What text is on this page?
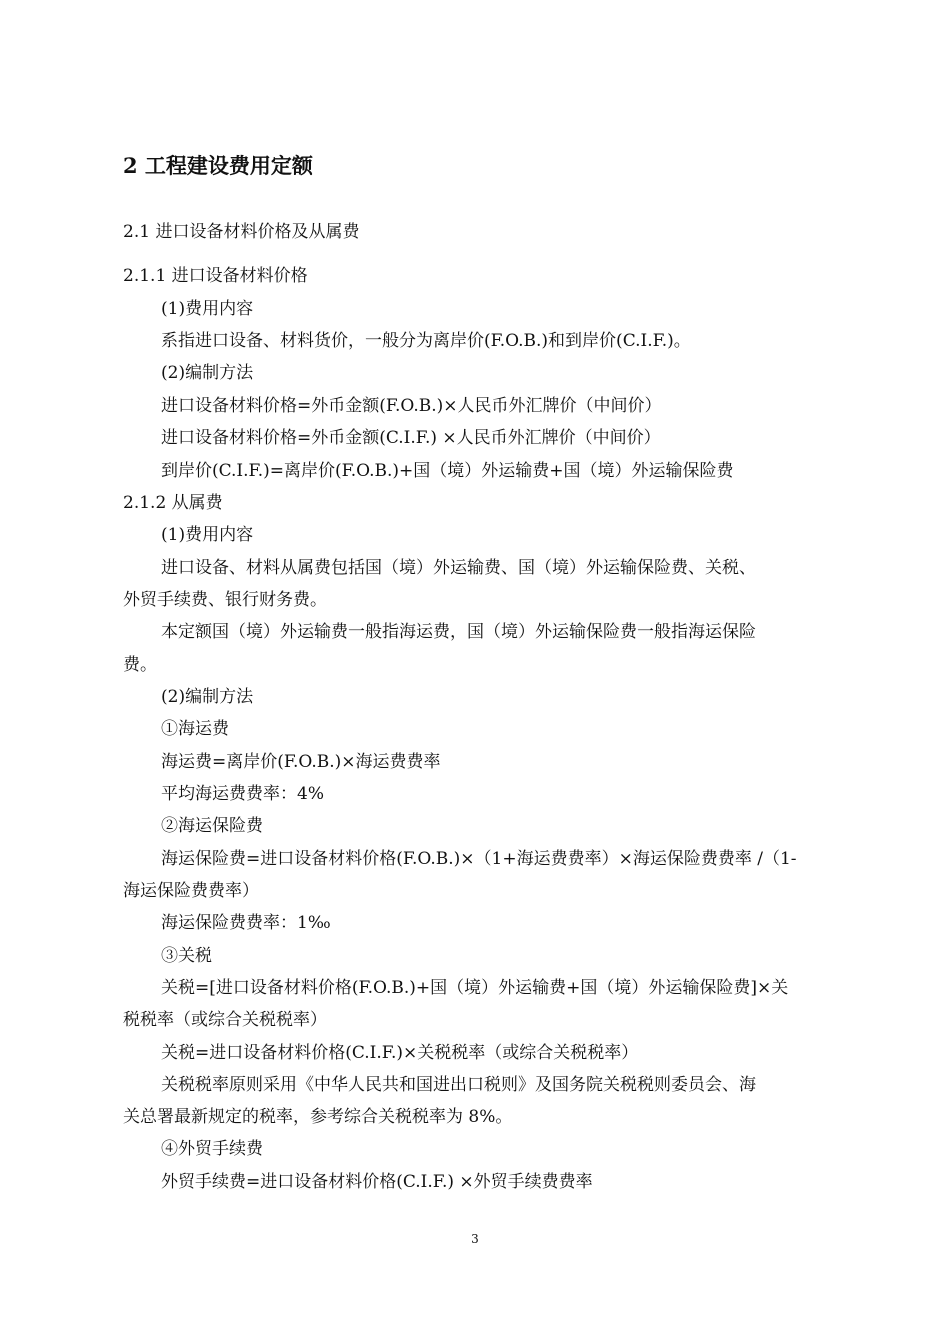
2 工程建设费用定额
2.1 进口设备材料价格及从属费
2.1.1 进口设备材料价格
(1)费用内容
系指进口设备、材料货价，一般分为离岸价(F.O.B.)和到岸价(C.I.F.)。
(2)编制方法
进口设备材料价格=外币金额(F.O.B.)×人民币外汇牌价（中间价）
进口设备材料价格=外币金额(C.I.F.) ×人民币外汇牌价（中间价）
到岸价(C.I.F.)=离岸价(F.O.B.)+国（境）外运输费+国（境）外运输保险费
2.1.2 从属费
(1)费用内容
进口设备、材料从属费包括国（境）外运输费、国（境）外运输保险费、关税、
外贸手续费、银行财务费。
本定额国（境）外运输费一般指海运费，国（境）外运输保险费一般指海运保险
费。
(2)编制方法
①海运费
海运费=离岸价(F.O.B.)×海运费费率
平均海运费费率：4%
②海运保险费
海运保险费=进口设备材料价格(F.O.B.)×（1+海运费费率）×海运保险费费率 /（1-
海运保险费费率）
海运保险费费率：1‰
③关税
关税=[进口设备材料价格(F.O.B.)+国（境）外运输费+国（境）外运输保险费]×关
税税率（或综合关税税率）
关税=进口设备材料价格(C.I.F.)×关税税率（或综合关税税率）
关税税率原则采用《中华人民共和国进出口税则》及国务院关税税则委员会、海
关总署最新规定的税率，参考综合关税税率为 8%。
④外贸手续费
外贸手续费=进口设备材料价格(C.I.F.) ×外贸手续费费率
3
